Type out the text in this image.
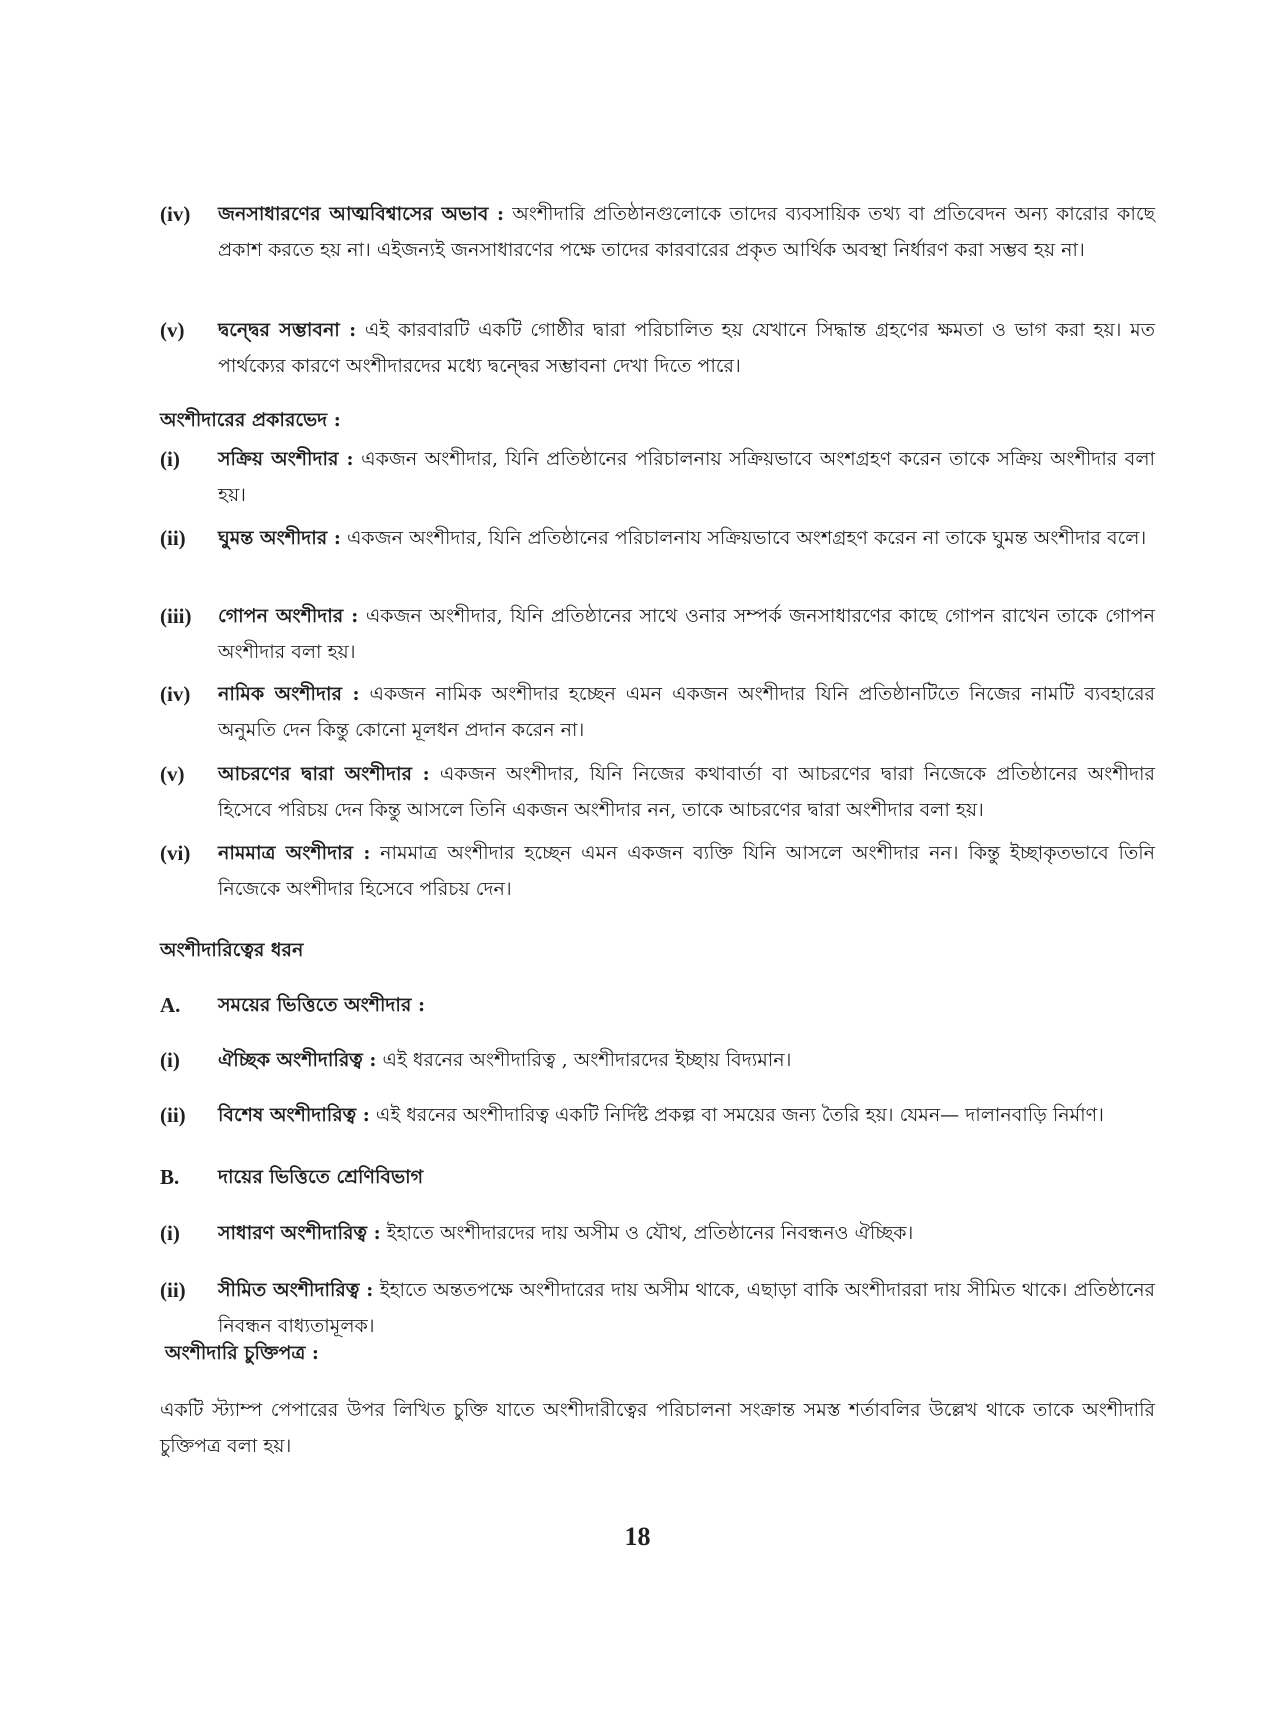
(iv)	জনসাধারণের আত্মবিশ্বাসের অভাব : অংশীদারি প্রতিষ্ঠানগুলোকে তাদের ব্যবসায়িক তথ্য বা প্রতিবেদন অন্য কারোর কাছে প্রকাশ করতে হয় না। এইজন্যই জনসাধারণের পক্ষে তাদের কারবারের প্রকৃত আর্থিক অবস্থা নির্ধারণ করা সম্ভব হয় না।
(v)	দ্বন্দ্বের সম্ভাবনা : এই কারবারটি একটি গোষ্ঠীর দ্বারা পরিচালিত হয় যেখানে সিদ্ধান্ত গ্রহণের ক্ষমতা ও ভাগ করা হয়। মত পার্থক্যের কারণে অংশীদারদের মধ্যে দ্বন্দ্বের সম্ভাবনা দেখা দিতে পারে।
অংশীদারের প্রকারভেদ :
(i)	সক্রিয় অংশীদার : একজন অংশীদার, যিনি প্রতিষ্ঠানের পরিচালনায় সক্রিয়ভাবে অংশগ্রহণ করেন তাকে সক্রিয় অংশীদার বলা হয়।
(ii)	ঘুমন্ত অংশীদার : একজন অংশীদার, যিনি প্রতিষ্ঠানের পরিচালনায সক্রিয়ভাবে অংশগ্রহণ করেন না তাকে ঘুমন্ত অংশীদার বলে।
(iii)	গোপন অংশীদার : একজন অংশীদার, যিনি প্রতিষ্ঠানের সাথে ওনার সম্পর্ক জনসাধারণের কাছে গোপন রাখেন তাকে গোপন অংশীদার বলা হয়।
(iv)	নামিক অংশীদার : একজন নামিক অংশীদার হচ্ছেন এমন একজন অংশীদার যিনি প্রতিষ্ঠানটিতে নিজের নামটি ব্যবহারের অনুমতি দেন কিন্তু কোনো মূলধন প্রদান করেন না।
(v)	আচরণের দ্বারা অংশীদার : একজন অংশীদার, যিনি নিজের কথাবার্তা বা আচরণের দ্বারা নিজেকে প্রতিষ্ঠানের অংশীদার হিসেবে পরিচয় দেন কিন্তু আসলে তিনি একজন অংশীদার নন, তাকে আচরণের দ্বারা অংশীদার বলা হয়।
(vi)	নামমাত্র অংশীদার : নামমাত্র অংশীদার হচ্ছেন এমন একজন ব্যক্তি যিনি আসলে অংশীদার নন। কিন্তু ইচ্ছাকৃতভাবে তিনি নিজেকে অংশীদার হিসেবে পরিচয় দেন।
অংশীদারিত্বের ধরন
A.	সময়ের ভিত্তিতে অংশীদার :
(i)	ঐচ্ছিক অংশীদারিত্ব : এই ধরনের অংশীদারিত্ব , অংশীদারদের ইচ্ছায় বিদ্যমান।
(ii)	বিশেষ অংশীদারিত্ব : এই ধরনের অংশীদারিত্ব একটি নির্দিষ্ট প্রকল্প বা সময়ের জন্য তৈরি হয়। যেমন— দালানবাড়ি নির্মাণ।
B.	দায়ের ভিত্তিতে শ্রেণিবিভাগ
(i)	সাধারণ অংশীদারিত্ব : ইহাতে অংশীদারদের দায় অসীম ও যৌথ, প্রতিষ্ঠানের নিবন্ধনও ঐচ্ছিক।
(ii)	সীমিত অংশীদারিত্ব : ইহাতে অন্ততপক্ষে অংশীদারের দায় অসীম থাকে, এছাড়া বাকি অংশীদাররা দায় সীমিত থাকে। প্রতিষ্ঠানের নিবন্ধন বাধ্যতামূলক।
অংশীদারি চুক্তিপত্র :
একটি স্ট্যাম্প পেপারের উপর লিখিত চুক্তি যাতে অংশীদারীত্বের পরিচালনা সংক্রান্ত সমস্ত শর্তাবলির উল্লেখ থাকে তাকে অংশীদারি চুক্তিপত্র বলা হয়।
18
